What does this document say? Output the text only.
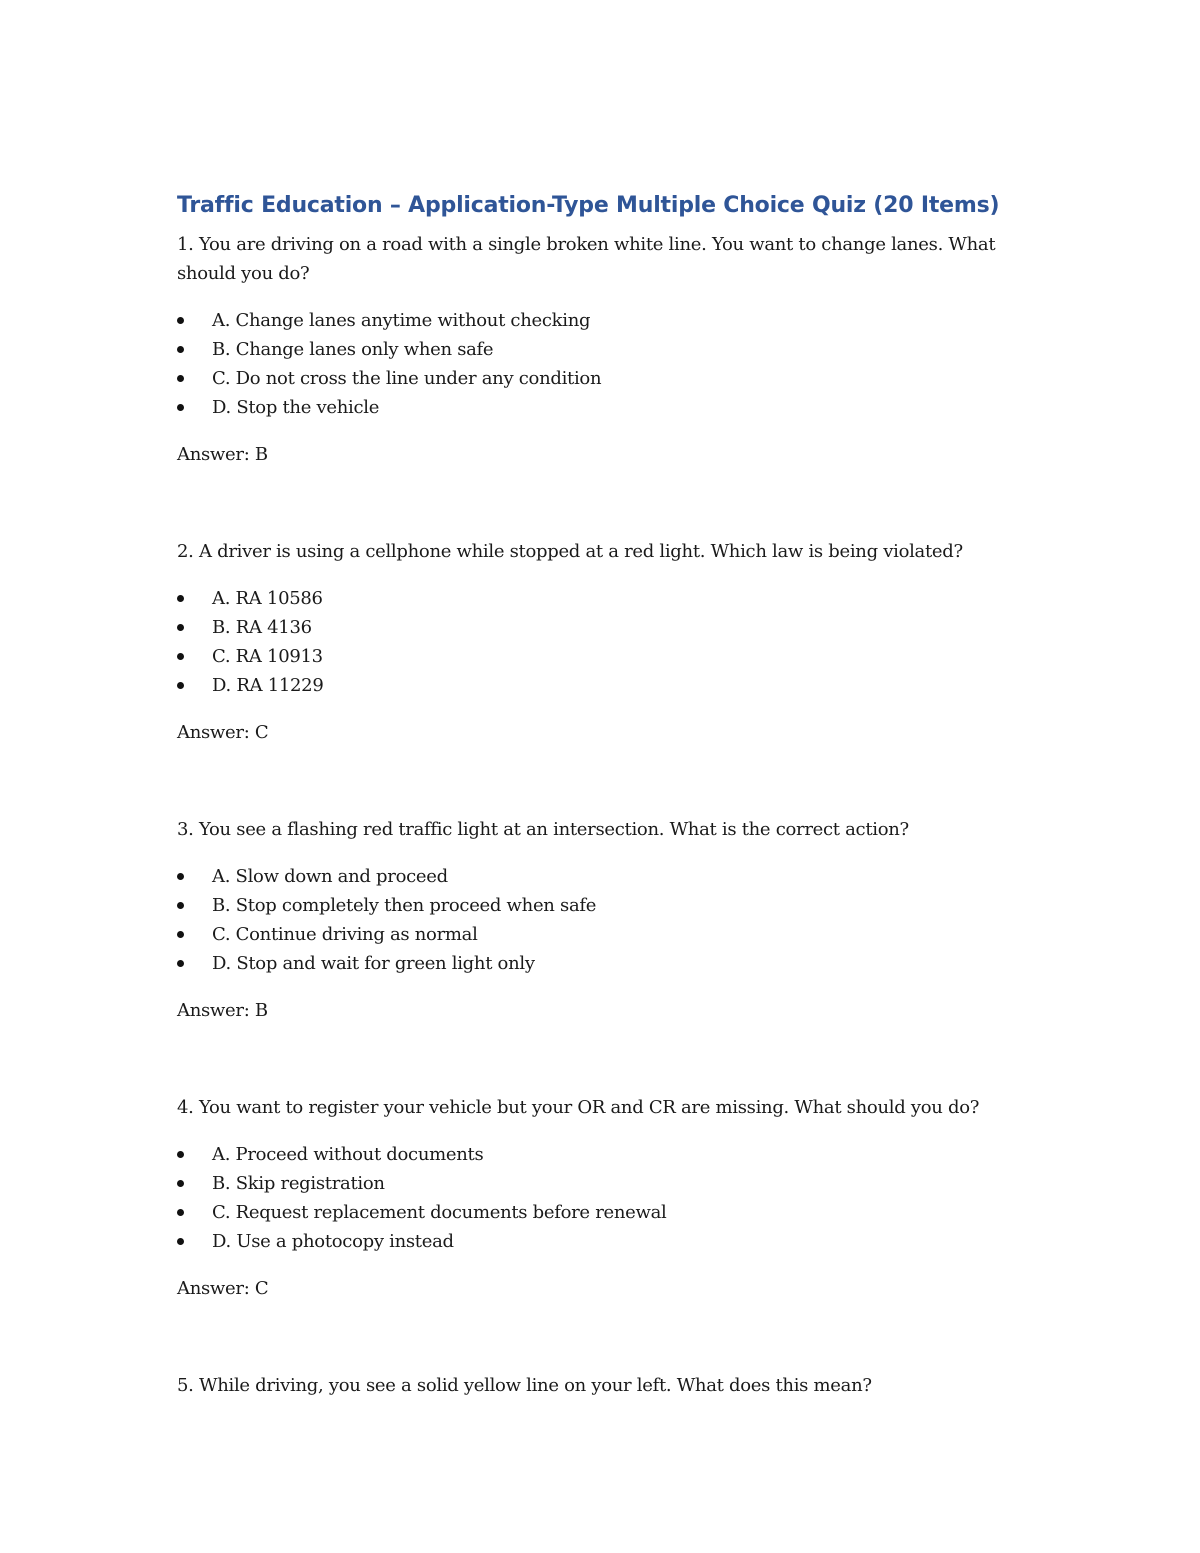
Traffic Education – Application-Type Multiple Choice Quiz (20 Items)

1. You are driving on a road with a single broken white line. You want to change lanes. What should you do?

A. Change lanes anytime without checking
B. Change lanes only when safe
C. Do not cross the line under any condition
D. Stop the vehicle

Answer: B

2. A driver is using a cellphone while stopped at a red light. Which law is being violated?

A. RA 10586
B. RA 4136
C. RA 10913
D. RA 11229

Answer: C

3. You see a flashing red traffic light at an intersection. What is the correct action?

A. Slow down and proceed
B. Stop completely then proceed when safe
C. Continue driving as normal
D. Stop and wait for green light only

Answer: B

4. You want to register your vehicle but your OR and CR are missing. What should you do?

A. Proceed without documents
B. Skip registration
C. Request replacement documents before renewal
D. Use a photocopy instead

Answer: C

5. While driving, you see a solid yellow line on your left. What does this mean?
